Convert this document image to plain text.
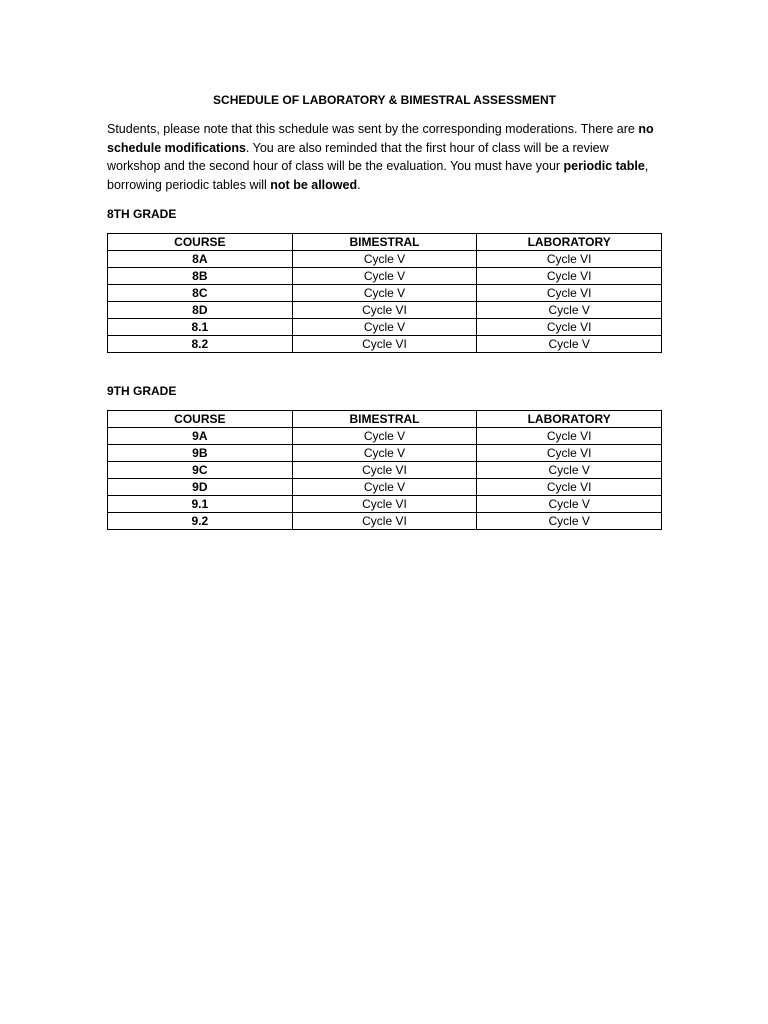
SCHEDULE OF LABORATORY & BIMESTRAL ASSESSMENT

Students, please note that this schedule was sent by the corresponding moderations. There are no schedule modifications. You are also reminded that the first hour of class will be a review workshop and the second hour of class will be the evaluation. You must have your periodic table, borrowing periodic tables will not be allowed.

8TH GRADE
COURSE	BIMESTRAL	LABORATORY
8A	Cycle V	Cycle VI
8B	Cycle V	Cycle VI
8C	Cycle V	Cycle VI
8D	Cycle VI	Cycle V
8.1	Cycle V	Cycle VI
8.2	Cycle VI	Cycle V
9TH GRADE
COURSE	BIMESTRAL	LABORATORY
9A	Cycle V	Cycle VI
9B	Cycle V	Cycle VI
9C	Cycle VI	Cycle V
9D	Cycle V	Cycle VI
9.1	Cycle VI	Cycle V
9.2	Cycle VI	Cycle V
